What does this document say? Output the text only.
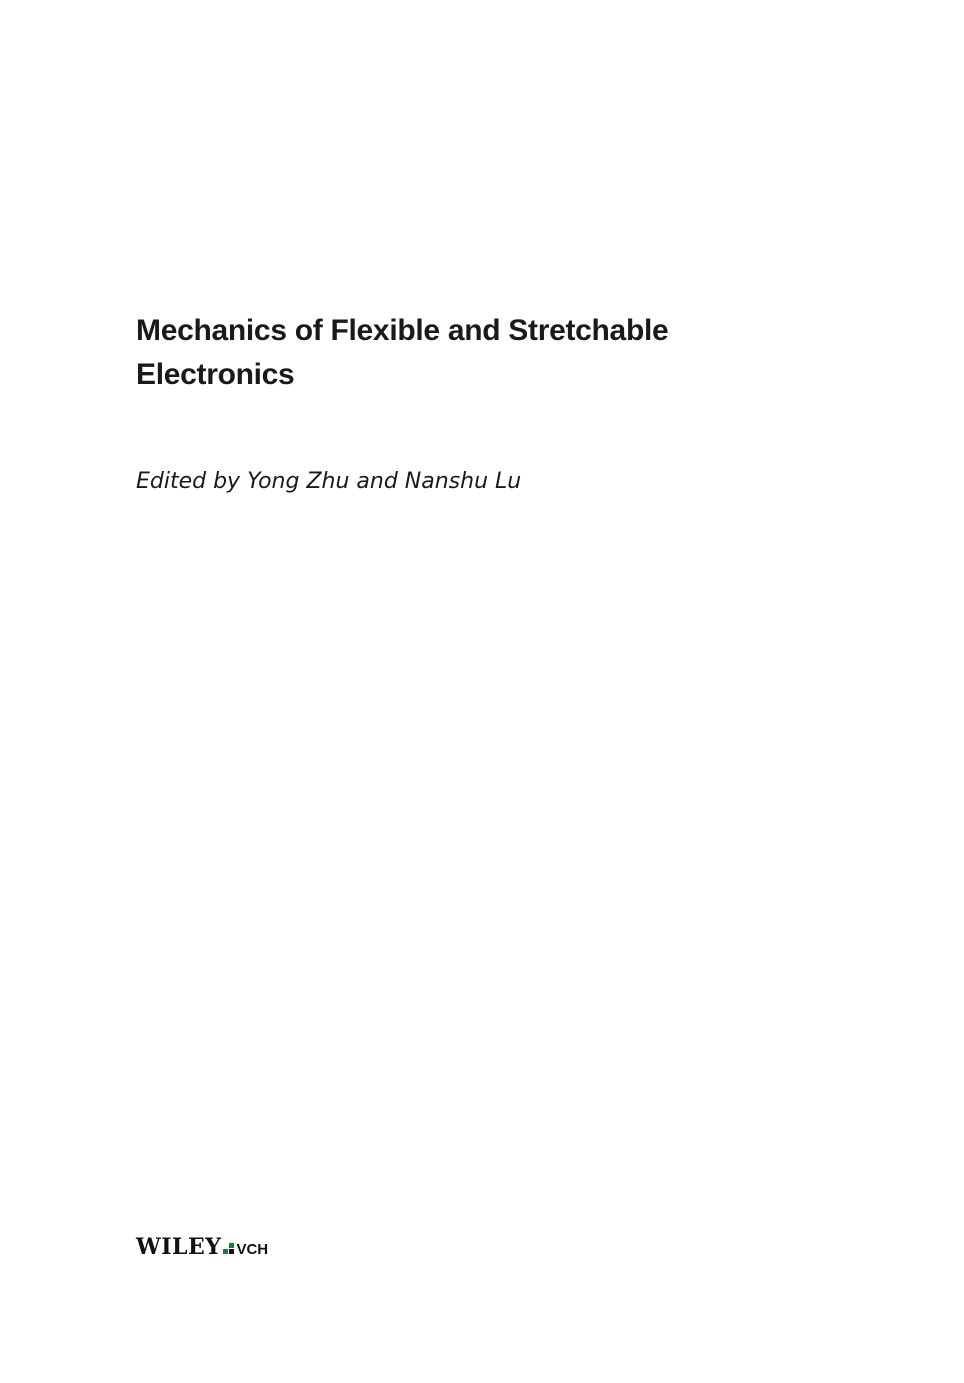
Mechanics of Flexible and Stretchable
Electronics
Edited by Yong Zhu and Nanshu Lu
WILEY VCH
